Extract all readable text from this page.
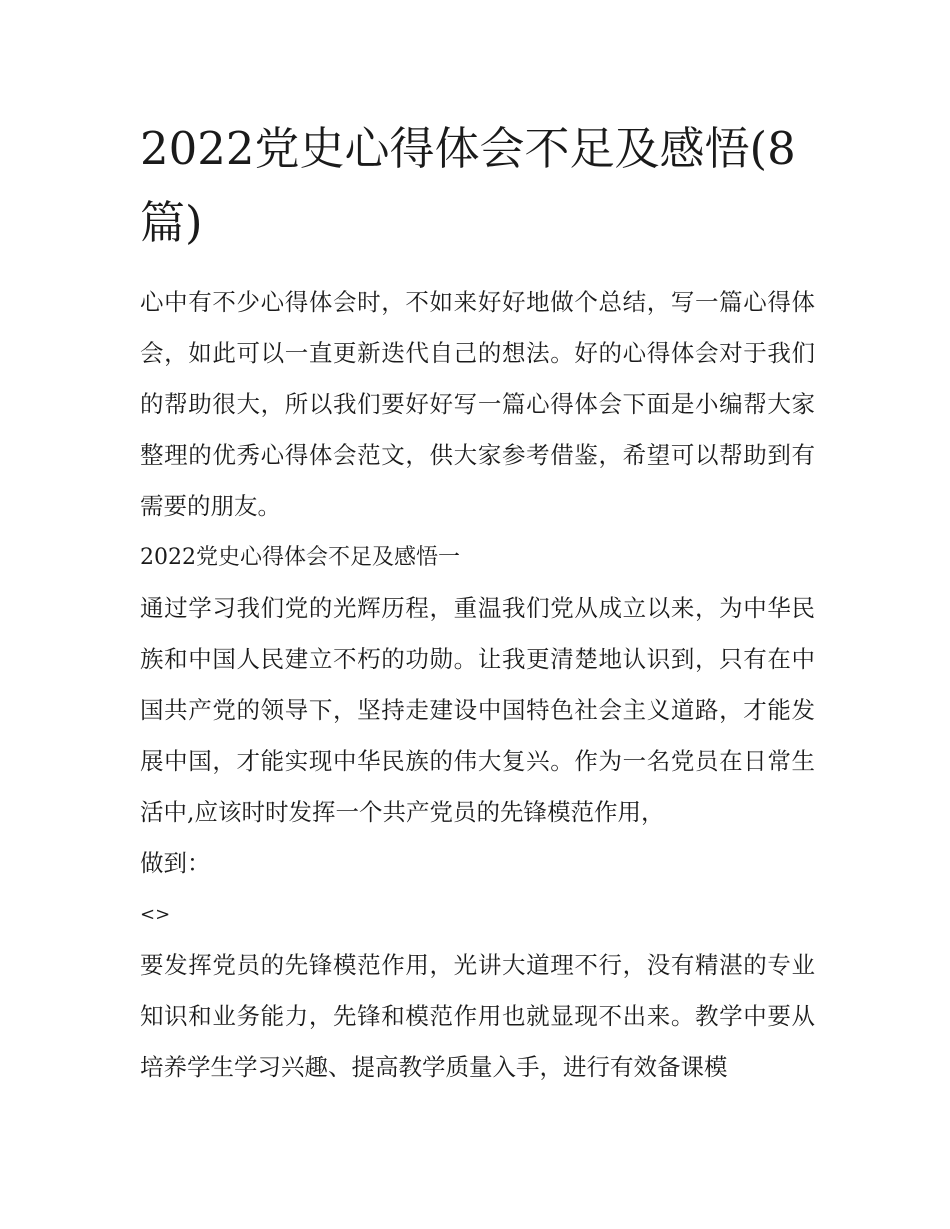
2022党史心得体会不足及感悟(8篇)

心中有不少心得体会时，不如来好好地做个总结，写一篇心得体会，如此可以一直更新迭代自己的想法。好的心得体会对于我们的帮助很大，所以我们要好好写一篇心得体会下面是小编帮大家整理的优秀心得体会范文，供大家参考借鉴，希望可以帮助到有需要的朋友。

2022党史心得体会不足及感悟一

通过学习我们党的光辉历程，重温我们党从成立以来，为中华民族和中国人民建立不朽的功勋。让我更清楚地认识到，只有在中国共产党的领导下，坚持走建设中国特色社会主义道路，才能发展中国，才能实现中华民族的伟大复兴。作为一名党员在日常生活中,应该时时发挥一个共产党员的先锋模范作用，

做到：

<>

要发挥党员的先锋模范作用，光讲大道理不行，没有精湛的专业知识和业务能力，先锋和模范作用也就显现不出来。教学中要从培养学生学习兴趣、提高教学质量入手，进行有效备课模
